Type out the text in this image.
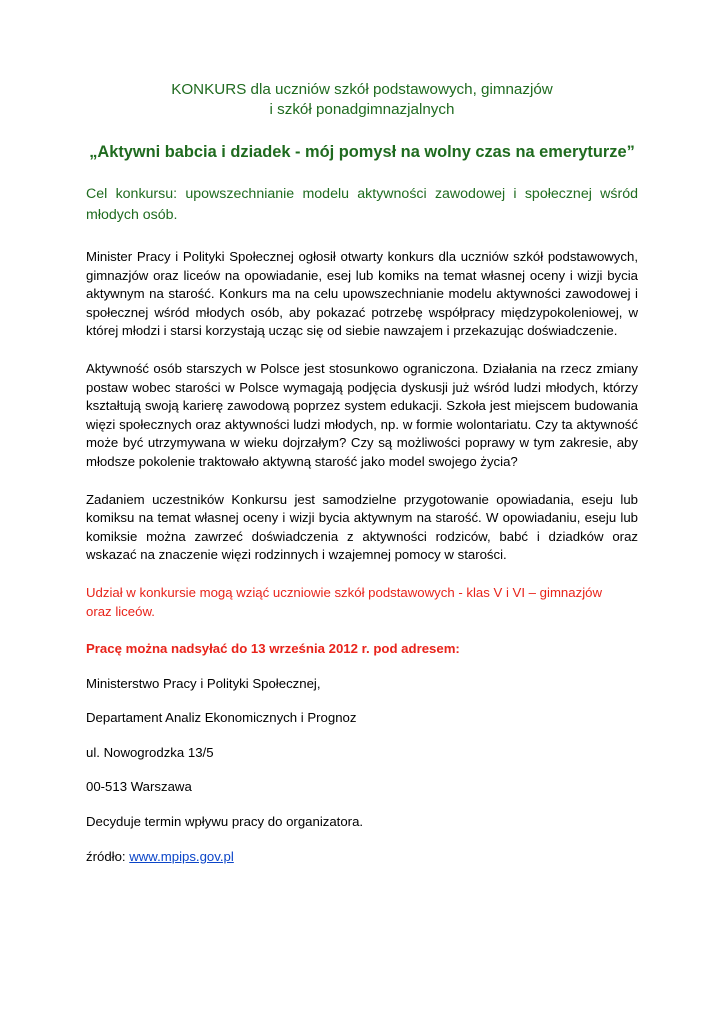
KONKURS dla uczniów szkół podstawowych, gimnazjów
i szkół ponadgimnazjalnych

„Aktywni babcia i dziadek - mój pomysł na wolny czas na emeryturze”

Cel konkursu: upowszechnianie modelu aktywności zawodowej i społecznej wśród młodych osób.

Minister Pracy i Polityki Społecznej ogłosił otwarty konkurs dla uczniów szkół podstawowych, gimnazjów oraz liceów na opowiadanie, esej lub komiks na temat własnej oceny i wizji bycia aktywnym na starość. Konkurs ma na celu upowszechnianie modelu aktywności zawodowej i społecznej wśród młodych osób, aby pokazać potrzebę współpracy międzypokoleniowej, w której młodzi i starsi korzystają ucząc się od siebie nawzajem i przekazując doświadczenie.

Aktywność osób starszych w Polsce jest stosunkowo ograniczona. Działania na rzecz zmiany postaw wobec starości w Polsce wymagają podjęcia dyskusji już wśród ludzi młodych, którzy kształtują swoją karierę zawodową poprzez system edukacji. Szkoła jest miejscem budowania więzi społecznych oraz aktywności ludzi młodych, np. w formie wolontariatu. Czy ta aktywność może być utrzymywana w wieku dojrzałym? Czy są możliwości poprawy w tym zakresie, aby młodsze pokolenie traktowało aktywną starość jako model swojego życia?

Zadaniem uczestników Konkursu jest samodzielne przygotowanie opowiadania, eseju lub komiksu na temat własnej oceny i wizji bycia aktywnym na starość. W opowiadaniu, eseju lub komiksie można zawrzeć doświadczenia z aktywności rodziców, babć i dziadków oraz wskazać na znaczenie więzi rodzinnych i wzajemnej pomocy w starości.

Udział w konkursie mogą wziąć uczniowie szkół podstawowych - klas V i VI – gimnazjów
oraz liceów.

Pracę można nadsyłać do 13 września 2012 r. pod adresem:

Ministerstwo Pracy i Polityki Społecznej,

Departament Analiz Ekonomicznych i Prognoz

ul. Nowogrodzka 13/5

00-513 Warszawa

Decyduje termin wpływu pracy do organizatora.

źródło: www.mpips.gov.pl
